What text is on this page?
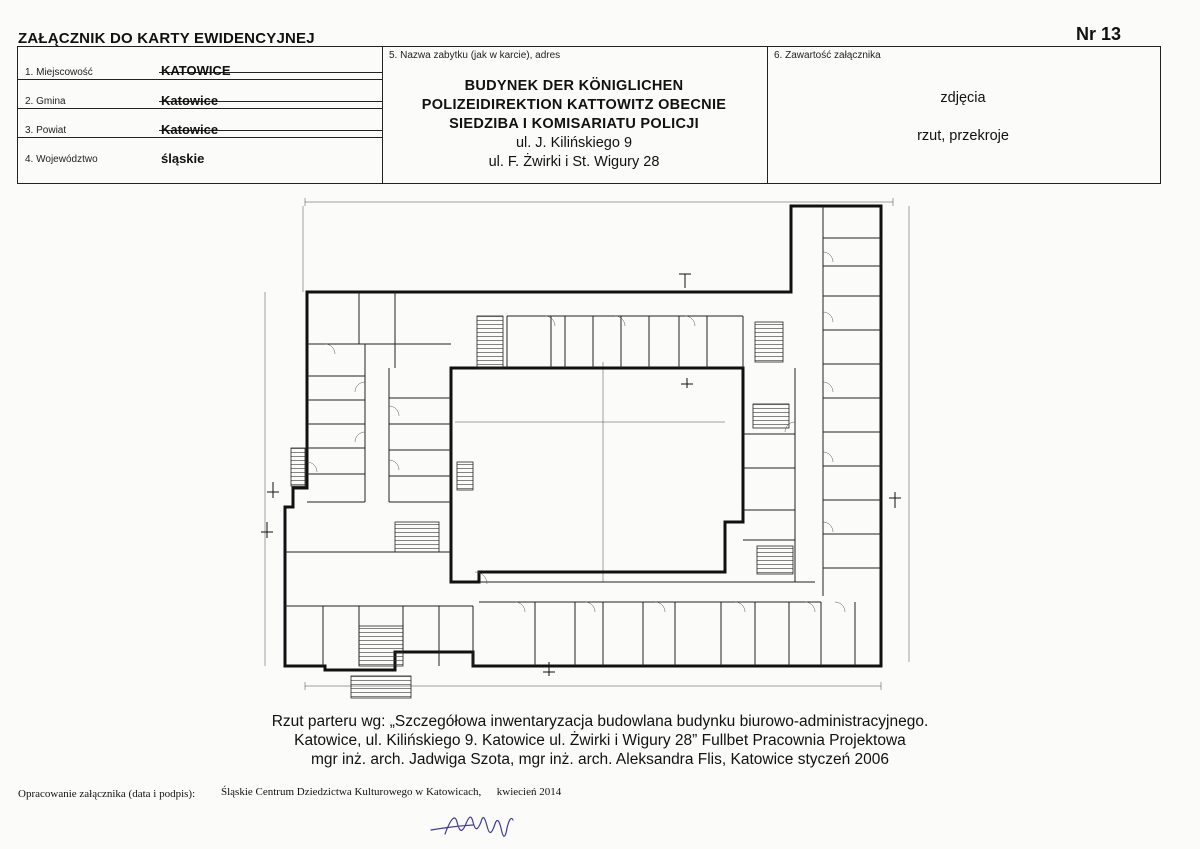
ZAŁĄCZNIK DO KARTY EWIDENCYJNEJ	Nr 13
1. Miejscowość	KATOWICE
2. Gmina	Katowice
3. Powiat	Katowice
4. Województwo	śląskie
5. Nazwa zabytku (jak w karcie), adres
BUDYNEK DER KÖNIGLICHEN
POLIZEIDIREKTION KATTOWITZ OBECNIE
SIEDZIBA I KOMISARIATU POLICJI
ul. J. Kilińskiego 9
ul. F. Żwirki i St. Wigury 28
6. Zawartość załącznika
zdjęcia
rzut, przekroje
Rzut parteru wg: „Szczegółowa inwentaryzacja budowlana budynku biurowo-administracyjnego.
Katowice, ul. Kilińskiego 9. Katowice ul. Żwirki i Wigury 28” Fullbet Pracownia Projektowa
mgr inż. arch. Jadwiga Szota, mgr inż. arch. Aleksandra Flis, Katowice styczeń 2006
Opracowanie załącznika (data i podpis): Śląskie Centrum Dziedzictwa Kulturowego w Katowicach, kwiecień 2014
